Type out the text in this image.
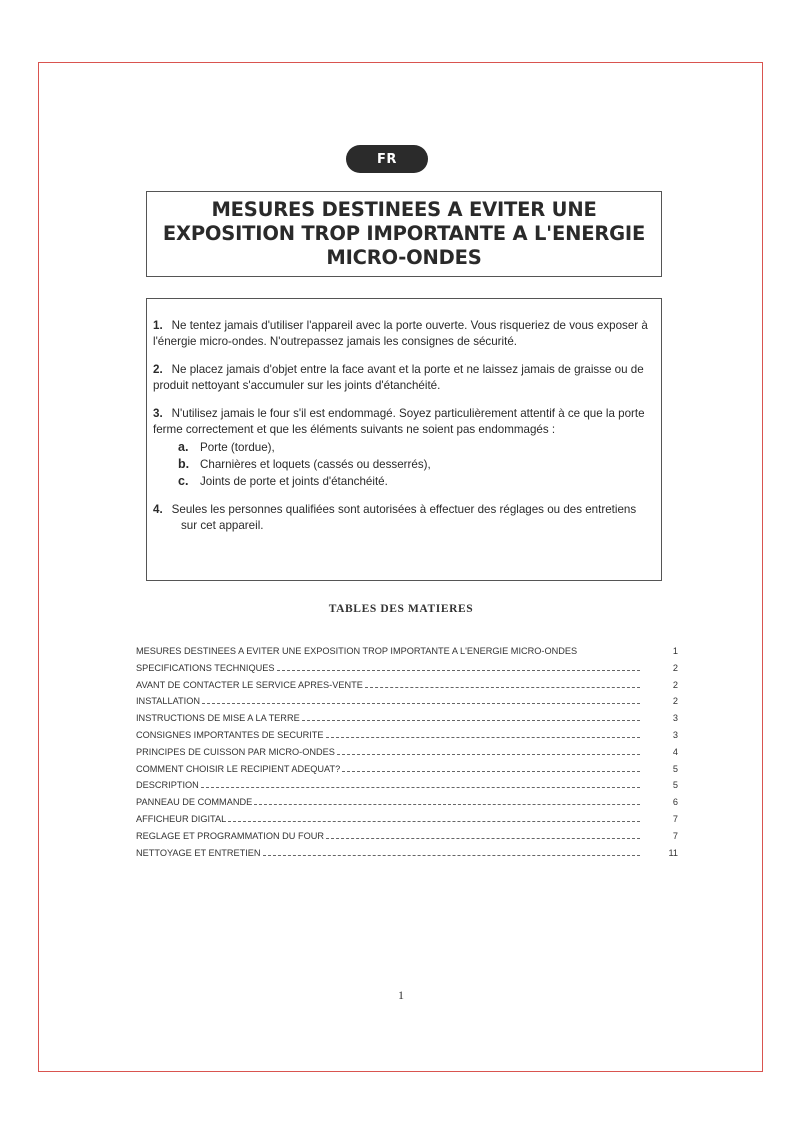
FR
MESURES DESTINEES A EVITER UNE
EXPOSITION TROP IMPORTANTE A L'ENERGIE
MICRO-ONDES
1. Ne tentez jamais d'utiliser l'appareil avec la porte ouverte. Vous risqueriez de vous exposer à l'énergie micro-ondes. N'outrepassez jamais les consignes de sécurité.
2. Ne placez jamais d'objet entre la face avant et la porte et ne laissez jamais de graisse ou de produit nettoyant s'accumuler sur les joints d'étanchéité.
3. N'utilisez jamais le four s'il est endommagé. Soyez particulièrement attentif à ce que la porte ferme correctement et que les éléments suivants ne soient pas endommagés :
a. Porte (tordue),
b. Charnières et loquets (cassés ou desserrés),
c. Joints de porte et joints d'étanchéité.
4. Seules les personnes qualifiées sont autorisées à effectuer des réglages ou des entretiens sur cet appareil.
TABLES DES MATIERES
MESURES DESTINEES A EVITER UNE EXPOSITION TROP IMPORTANTE A L'ENERGIE MICRO-ONDES	1
SPECIFICATIONS TECHNIQUES	2
AVANT DE CONTACTER LE SERVICE APRES-VENTE	2
INSTALLATION	2
INSTRUCTIONS DE MISE A LA TERRE	3
CONSIGNES IMPORTANTES DE SECURITE	3
PRINCIPES DE CUISSON PAR MICRO-ONDES	4
COMMENT CHOISIR LE RECIPIENT ADEQUAT?	5
DESCRIPTION	5
PANNEAU DE COMMANDE	6
AFFICHEUR DIGITAL	7
REGLAGE ET PROGRAMMATION DU FOUR	7
NETTOYAGE ET ENTRETIEN	11
1
